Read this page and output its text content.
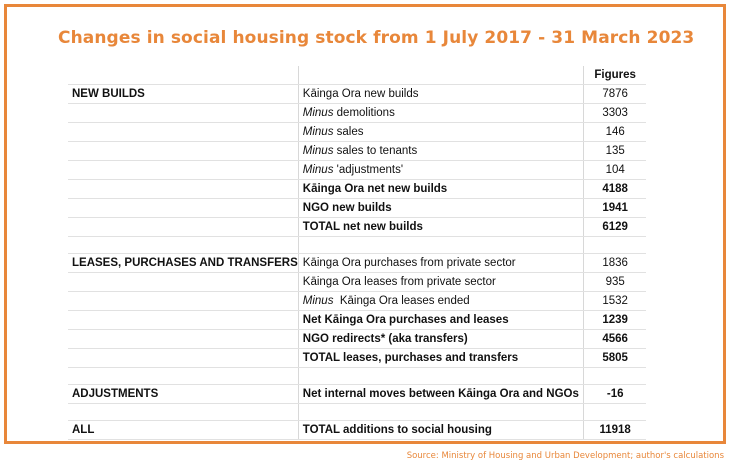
Changes in social housing stock from 1 July 2017 - 31 March 2023
		Figures
NEW BUILDS	Kāinga Ora new builds	7876
	Minus demolitions	3303
	Minus sales	146
	Minus sales to tenants	135
	Minus 'adjustments'	104
	Kāinga Ora net new builds	4188
	NGO new builds	1941
	TOTAL net new builds	6129

LEASES, PURCHASES AND TRANSFERS	Kāinga Ora purchases from private sector	1836
	Kāinga Ora leases from private sector	935
	Minus  Kāinga Ora leases ended	1532
	Net Kāinga Ora purchases and leases	1239
	NGO redirects* (aka transfers)	4566
	TOTAL leases, purchases and transfers	5805

ADJUSTMENTS	Net internal moves between Kāinga Ora and NGOs	-16

ALL	TOTAL additions to social housing	11918
Source: Ministry of Housing and Urban Development; author's calculations
